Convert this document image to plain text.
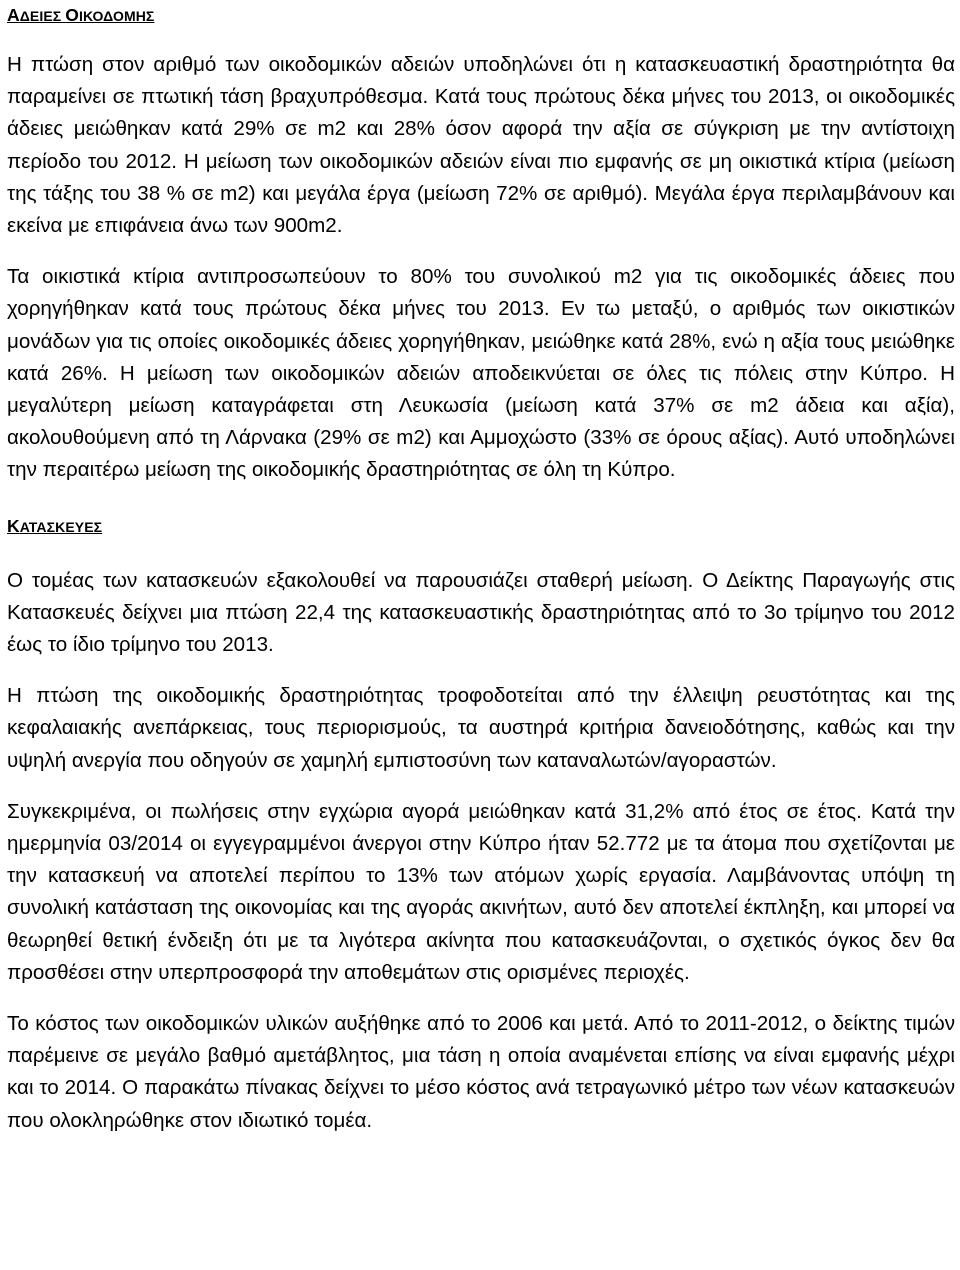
ΑΔΕΙΕΣ ΟΙΚΟΔΟΜΗΣ

Η πτώση στον αριθμό των οικοδομικών αδειών υποδηλώνει ότι η κατασκευαστική δραστηριότητα θα παραμείνει σε πτωτική τάση βραχυπρόθεσμα. Κατά τους πρώτους δέκα μήνες του 2013, οι οικοδομικές άδειες μειώθηκαν κατά 29% σε m2 και 28% όσον αφορά την αξία σε σύγκριση με την αντίστοιχη περίοδο του 2012. Η μείωση των οικοδομικών αδειών είναι πιο εμφανής σε μη οικιστικά κτίρια (μείωση της τάξης του 38 % σε m2) και μεγάλα έργα (μείωση 72% σε αριθμό). Μεγάλα έργα περιλαμβάνουν και εκείνα με επιφάνεια άνω των 900m2.

Τα οικιστικά κτίρια αντιπροσωπεύουν το 80% του συνολικού m2 για τις οικοδομικές άδειες που χορηγήθηκαν κατά τους πρώτους δέκα μήνες του 2013. Εν τω μεταξύ, ο αριθμός των οικιστικών μονάδων για τις οποίες οικοδομικές άδειες χορηγήθηκαν, μειώθηκε κατά 28%, ενώ η αξία τους μειώθηκε κατά 26%. Η μείωση των οικοδομικών αδειών αποδεικνύεται σε όλες τις πόλεις στην Κύπρο. Η μεγαλύτερη μείωση καταγράφεται στη Λευκωσία (μείωση κατά 37% σε m2 άδεια και αξία), ακολουθούμενη από τη Λάρνακα (29% σε m2) και Αμμοχώστο (33% σε όρους αξίας). Αυτό υποδηλώνει την περαιτέρω μείωση της οικοδομικής δραστηριότητας σε όλη τη Κύπρο.

ΚΑΤΑΣΚΕΥΕΣ

Ο τομέας των κατασκευών εξακολουθεί να παρουσιάζει σταθερή μείωση. Ο Δείκτης Παραγωγής στις Κατασκευές δείχνει μια πτώση 22,4 της κατασκευαστικής δραστηριότητας από το 3ο τρίμηνο του 2012 έως το ίδιο τρίμηνο του 2013.

Η πτώση της οικοδομικής δραστηριότητας τροφοδοτείται από την έλλειψη ρευστότητας και της κεφαλαιακής ανεπάρκειας, τους περιορισμούς, τα αυστηρά κριτήρια δανειοδότησης, καθώς και την υψηλή ανεργία που οδηγούν σε χαμηλή εμπιστοσύνη των καταναλωτών/αγοραστών.

Συγκεκριμένα, οι πωλήσεις στην εγχώρια αγορά μειώθηκαν κατά 31,2% από έτος σε έτος. Κατά την ημερμηνία 03/2014 οι εγγεγραμμένοι άνεργοι στην Κύπρο ήταν 52.772 με τα άτομα που σχετίζονται με την κατασκευή να αποτελεί περίπου το 13% των ατόμων χωρίς εργασία. Λαμβάνοντας υπόψη τη συνολική κατάσταση της οικονομίας και της αγοράς ακινήτων, αυτό δεν αποτελεί έκπληξη, και μπορεί να θεωρηθεί θετική ένδειξη ότι με τα λιγότερα ακίνητα που κατασκευάζονται, ο σχετικός όγκος δεν θα προσθέσει στην υπερπροσφορά την αποθεμάτων στις ορισμένες περιοχές.

Το κόστος των οικοδομικών υλικών αυξήθηκε από το 2006 και μετά. Από το 2011-2012, ο δείκτης τιμών παρέμεινε σε μεγάλο βαθμό αμετάβλητος, μια τάση η οποία αναμένεται επίσης να είναι εμφανής μέχρι και το 2014. Ο παρακάτω πίνακας δείχνει το μέσο κόστος ανά τετραγωνικό μέτρο των νέων κατασκευών που ολοκληρώθηκε στον ιδιωτικό τομέα.
